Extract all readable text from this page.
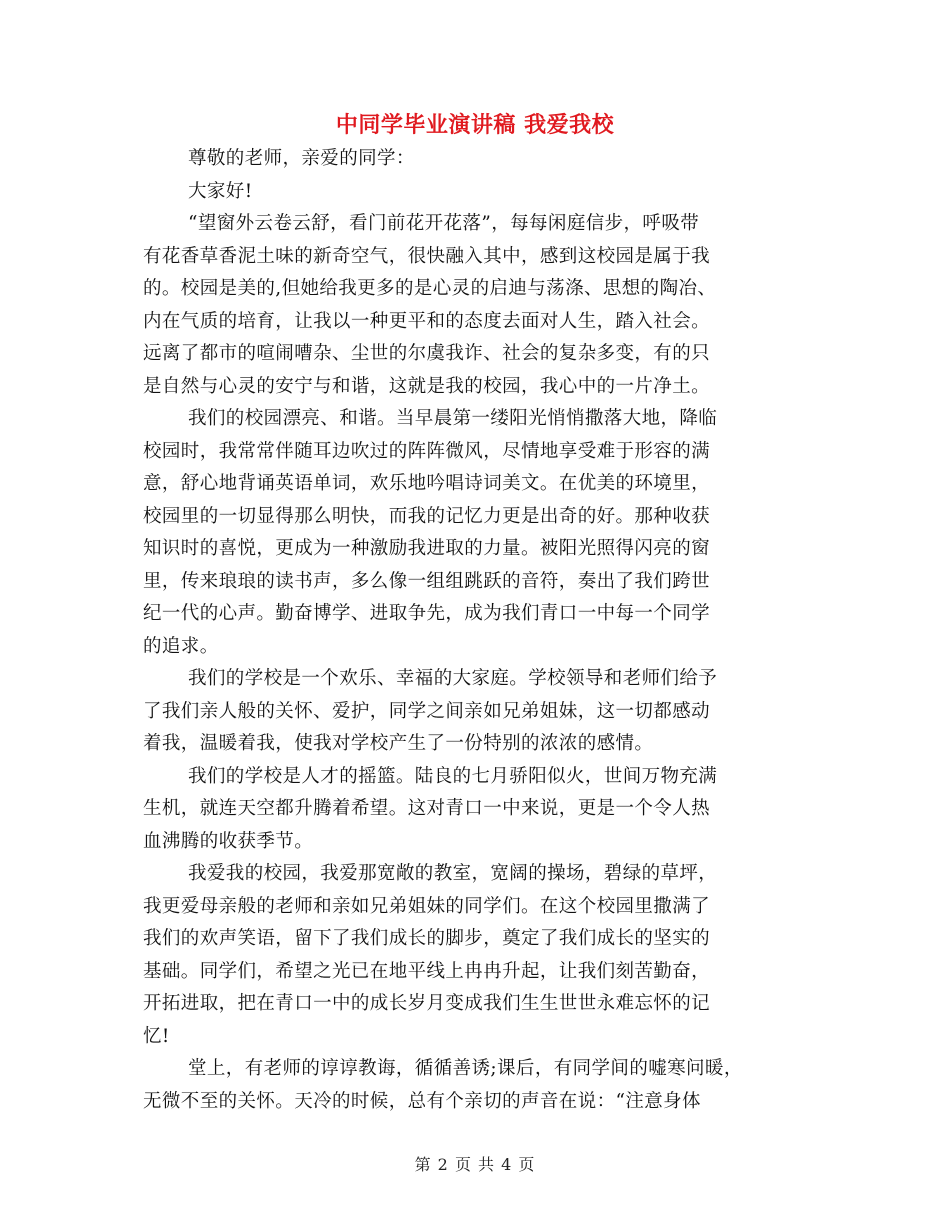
中同学毕业演讲稿 我爱我校
尊敬的老师，亲爱的同学：
大家好!
“望窗外云卷云舒，看门前花开花落”，每每闲庭信步，呼吸带
有花香草香泥土味的新奇空气，很快融入其中，感到这校园是属于我
的。校园是美的,但她给我更多的是心灵的启迪与荡涤、思想的陶冶、
内在气质的培育，让我以一种更平和的态度去面对人生，踏入社会。
远离了都市的喧闹嘈杂、尘世的尔虞我诈、社会的复杂多变，有的只
是自然与心灵的安宁与和谐，这就是我的校园，我心中的一片净土。
我们的校园漂亮、和谐。当早晨第一缕阳光悄悄撒落大地，降临
校园时，我常常伴随耳边吹过的阵阵微风，尽情地享受难于形容的满
意，舒心地背诵英语单词，欢乐地吟唱诗词美文。在优美的环境里，
校园里的一切显得那么明快，而我的记忆力更是出奇的好。那种收获
知识时的喜悦，更成为一种激励我进取的力量。被阳光照得闪亮的窗
里，传来琅琅的读书声，多么像一组组跳跃的音符，奏出了我们跨世
纪一代的心声。勤奋博学、进取争先，成为我们青口一中每一个同学
的追求。
我们的学校是一个欢乐、幸福的大家庭。学校领导和老师们给予
了我们亲人般的关怀、爱护，同学之间亲如兄弟姐妹，这一切都感动
着我，温暖着我，使我对学校产生了一份特别的浓浓的感情。
我们的学校是人才的摇篮。陆良的七月骄阳似火，世间万物充满
生机，就连天空都升腾着希望。这对青口一中来说，更是一个令人热
血沸腾的收获季节。
我爱我的校园，我爱那宽敞的教室，宽阔的操场，碧绿的草坪，
我更爱母亲般的老师和亲如兄弟姐妹的同学们。在这个校园里撒满了
我们的欢声笑语，留下了我们成长的脚步，奠定了我们成长的坚实的
基础。同学们，希望之光已在地平线上冉冉升起，让我们刻苦勤奋，
开拓进取，把在青口一中的成长岁月变成我们生生世世永难忘怀的记
忆!
堂上，有老师的谆谆教诲，循循善诱;课后，有同学间的嘘寒问暖，
无微不至的关怀。天冷的时候，总有个亲切的声音在说：“注意身体
第 2 页 共 4 页
